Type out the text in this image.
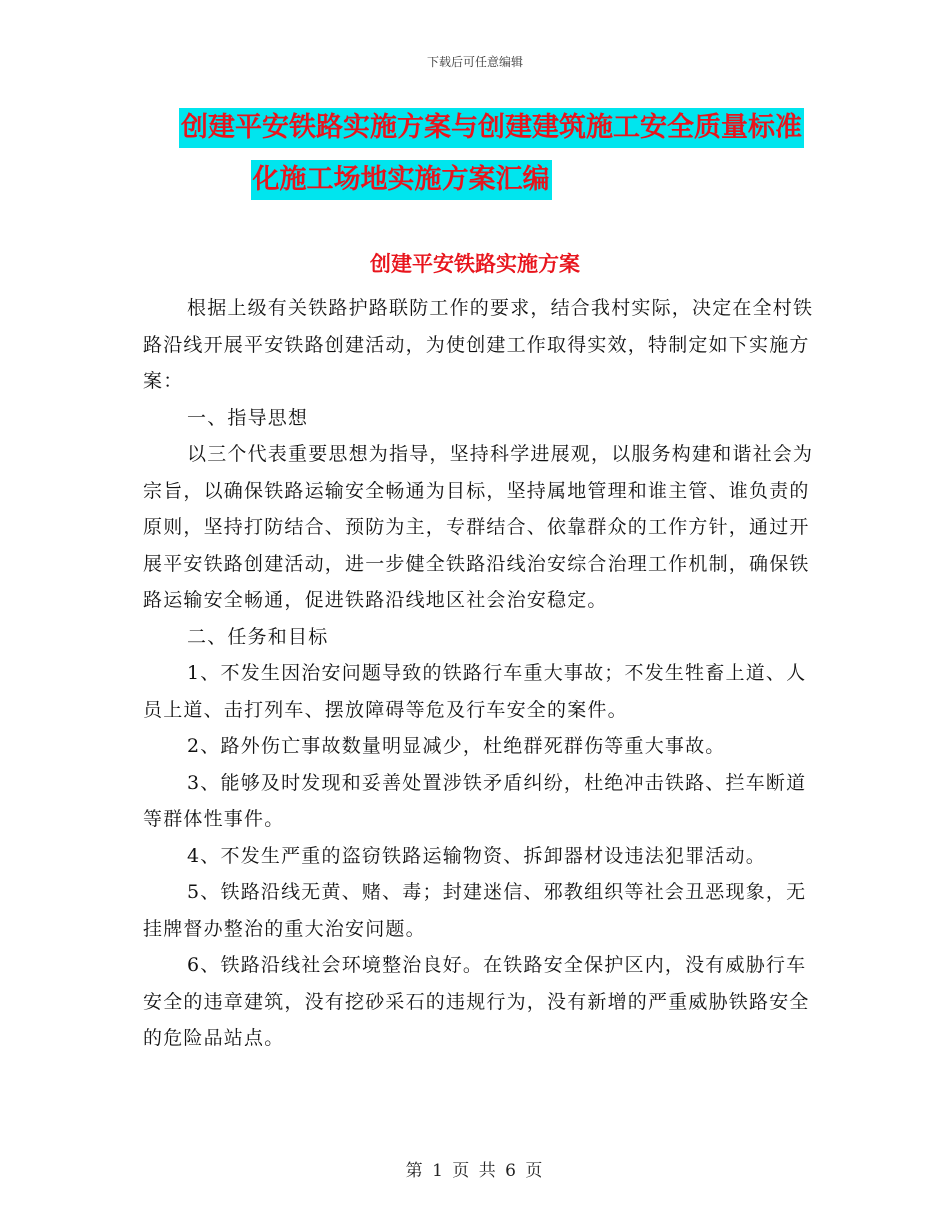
下载后可任意编辑
创建平安铁路实施方案与创建建筑施工安全质量标准
化施工场地实施方案汇编
创建平安铁路实施方案

根据上级有关铁路护路联防工作的要求，结合我村实际，决定在全村铁路沿线开展平安铁路创建活动，为使创建工作取得实效，特制定如下实施方案：

一、指导思想

以三个代表重要思想为指导，坚持科学进展观，以服务构建和谐社会为宗旨，以确保铁路运输安全畅通为目标，坚持属地管理和谁主管、谁负责的原则，坚持打防结合、预防为主，专群结合、依靠群众的工作方针，通过开展平安铁路创建活动，进一步健全铁路沿线治安综合治理工作机制，确保铁路运输安全畅通，促进铁路沿线地区社会治安稳定。

二、任务和目标

1、不发生因治安问题导致的铁路行车重大事故；不发生牲畜上道、人员上道、击打列车、摆放障碍等危及行车安全的案件。

2、路外伤亡事故数量明显减少，杜绝群死群伤等重大事故。

3、能够及时发现和妥善处置涉铁矛盾纠纷，杜绝冲击铁路、拦车断道等群体性事件。

4、不发生严重的盗窃铁路运输物资、拆卸器材设违法犯罪活动。

5、铁路沿线无黄、赌、毒；封建迷信、邪教组织等社会丑恶现象，无挂牌督办整治的重大治安问题。

6、铁路沿线社会环境整治良好。在铁路安全保护区内，没有威胁行车安全的违章建筑，没有挖砂采石的违规行为，没有新增的严重威胁铁路安全的危险品站点。

第 1 页 共 6 页
